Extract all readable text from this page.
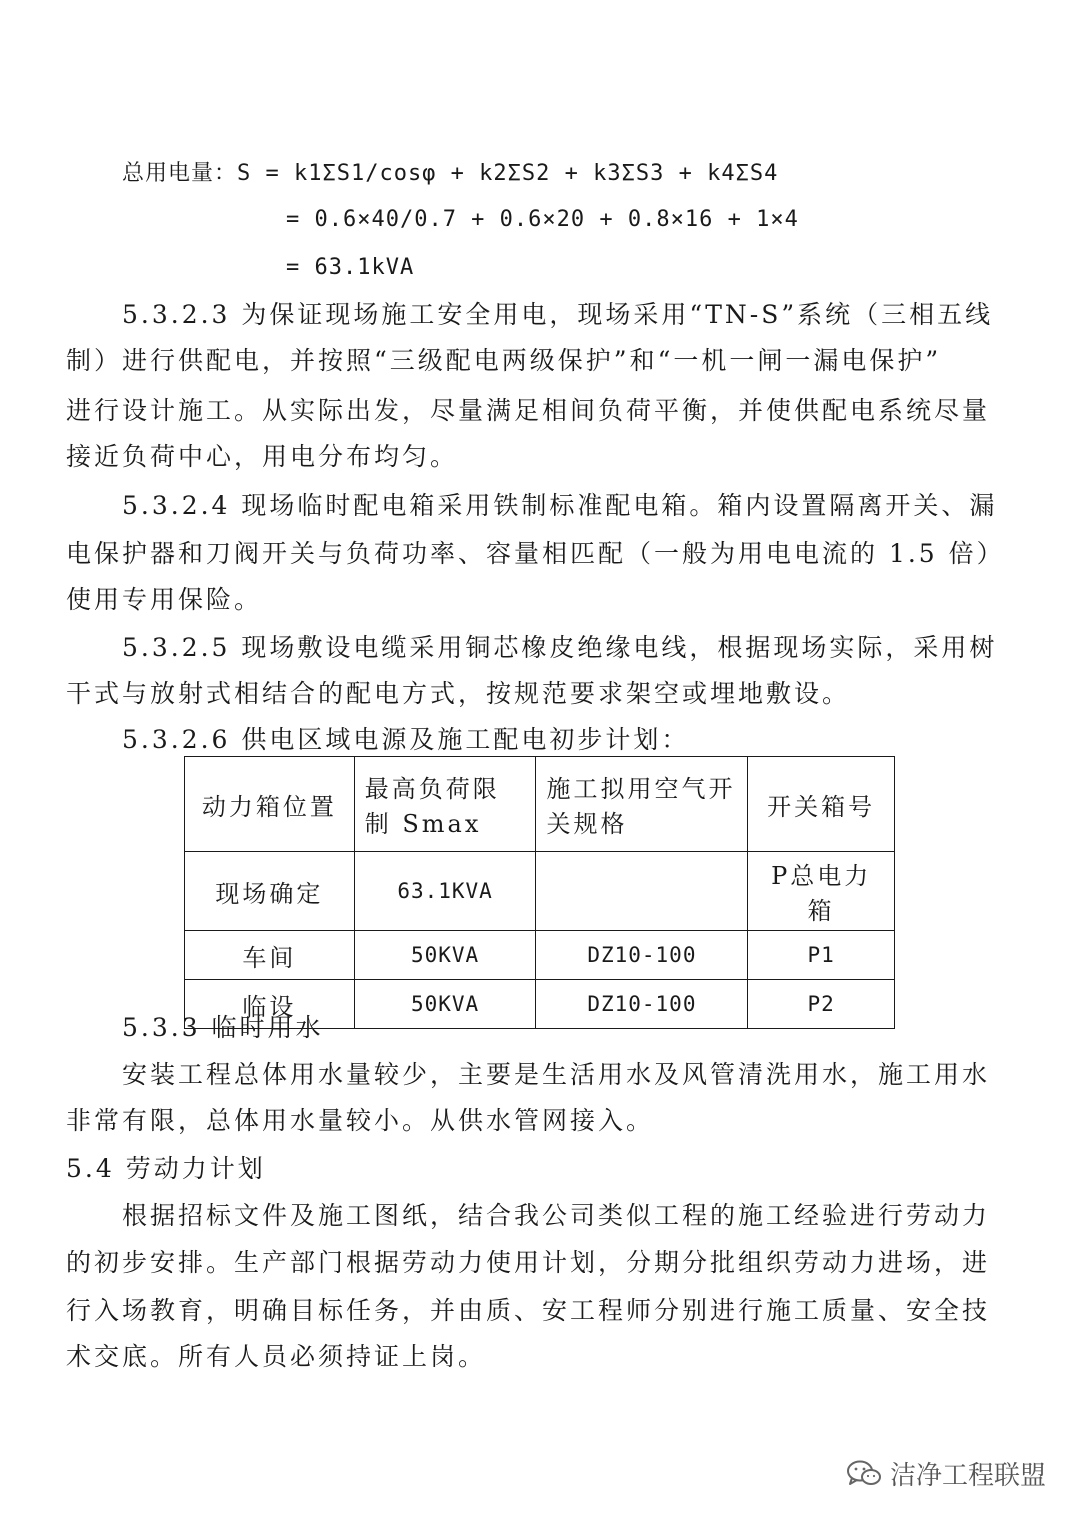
总用电量：S = k1ΣS1/cosφ + k2ΣS2 + k3ΣS3 + k4ΣS4
= 0.6×40/0.7 + 0.6×20 + 0.8×16 + 1×4
= 63.1kVA
5.3.2.3 为保证现场施工安全用电，现场采用“TN-S”系统（三相五线
制）进行供配电，并按照“三级配电两级保护”和“一机一闸一漏电保护”
进行设计施工。从实际出发，尽量满足相间负荷平衡，并使供配电系统尽量
接近负荷中心，用电分布均匀。
5.3.2.4 现场临时配电箱采用铁制标准配电箱。箱内设置隔离开关、漏
电保护器和刀阀开关与负荷功率、容量相匹配（一般为用电电流的 1.5 倍）
使用专用保险。
5.3.2.5 现场敷设电缆采用铜芯橡皮绝缘电线，根据现场实际，采用树
干式与放射式相结合的配电方式，按规范要求架空或埋地敷设。
5.3.2.6 供电区域电源及施工配电初步计划：
动力箱位置	最高负荷限制 Smax	施工拟用空气开关规格	开关箱号
现场确定	63.1KVA		P总电力箱
车间	50KVA	DZ10-100	P1
临设	50KVA	DZ10-100	P2
5.3.3 临时用水
安装工程总体用水量较少，主要是生活用水及风管清洗用水，施工用水
非常有限，总体用水量较小。从供水管网接入。
5.4 劳动力计划
根据招标文件及施工图纸，结合我公司类似工程的施工经验进行劳动力
的初步安排。生产部门根据劳动力使用计划，分期分批组织劳动力进场，进
行入场教育，明确目标任务，并由质、安工程师分别进行施工质量、安全技
术交底。所有人员必须持证上岗。
洁净工程联盟
